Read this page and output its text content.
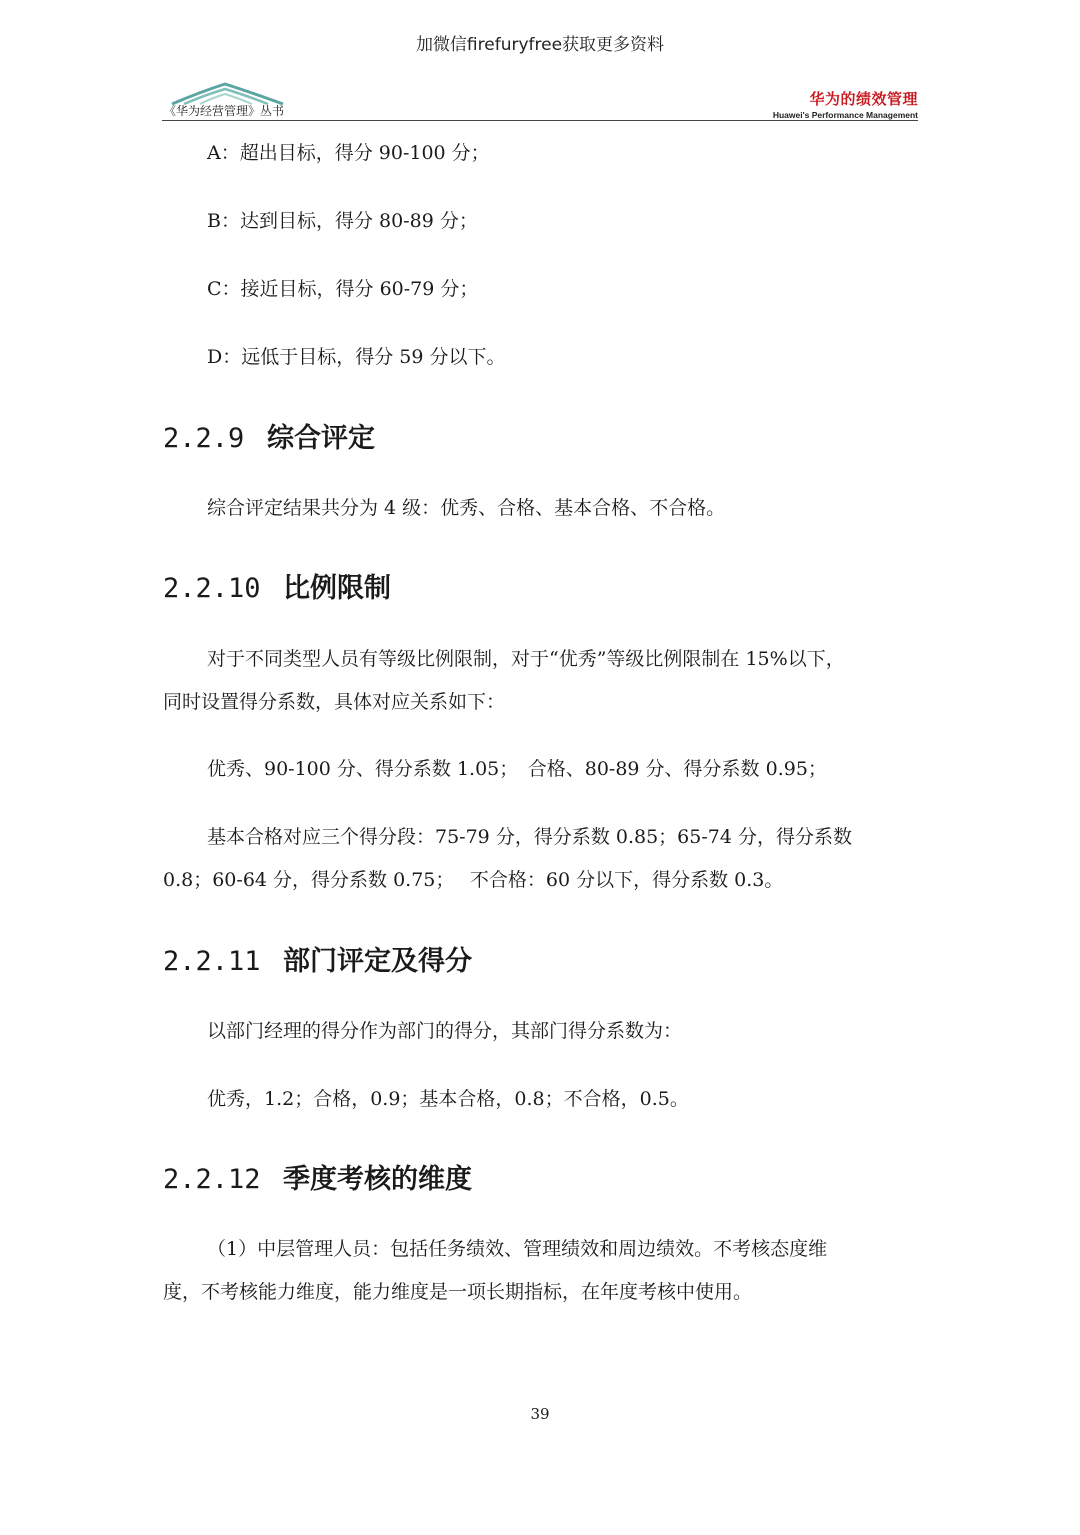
加微信firefuryfree获取更多资料
《华为经营管理》丛书
华为的绩效管理
Huawei's Performance Management
A：超出目标，得分 90-100 分；
B：达到目标，得分 80-89 分；
C：接近目标，得分 60-79 分；
D：远低于目标，得分 59 分以下。
2.2.9 综合评定
综合评定结果共分为 4 级：优秀、合格、基本合格、不合格。
2.2.10 比例限制
对于不同类型人员有等级比例限制，对于“优秀”等级比例限制在 15%以下，
同时设置得分系数，具体对应关系如下：
优秀、90-100 分、得分系数 1.05；　合格、80-89 分、得分系数 0.95；
基本合格对应三个得分段：75-79 分，得分系数 0.85；65-74 分，得分系数
0.8；60-64 分，得分系数 0.75；　 不合格：60 分以下，得分系数 0.3。
2.2.11 部门评定及得分
以部门经理的得分作为部门的得分，其部门得分系数为：
优秀，1.2；合格，0.9；基本合格，0.8；不合格，0.5。
2.2.12 季度考核的维度
（1）中层管理人员：包括任务绩效、管理绩效和周边绩效。不考核态度维
度，不考核能力维度，能力维度是一项长期指标，在年度考核中使用。
39
